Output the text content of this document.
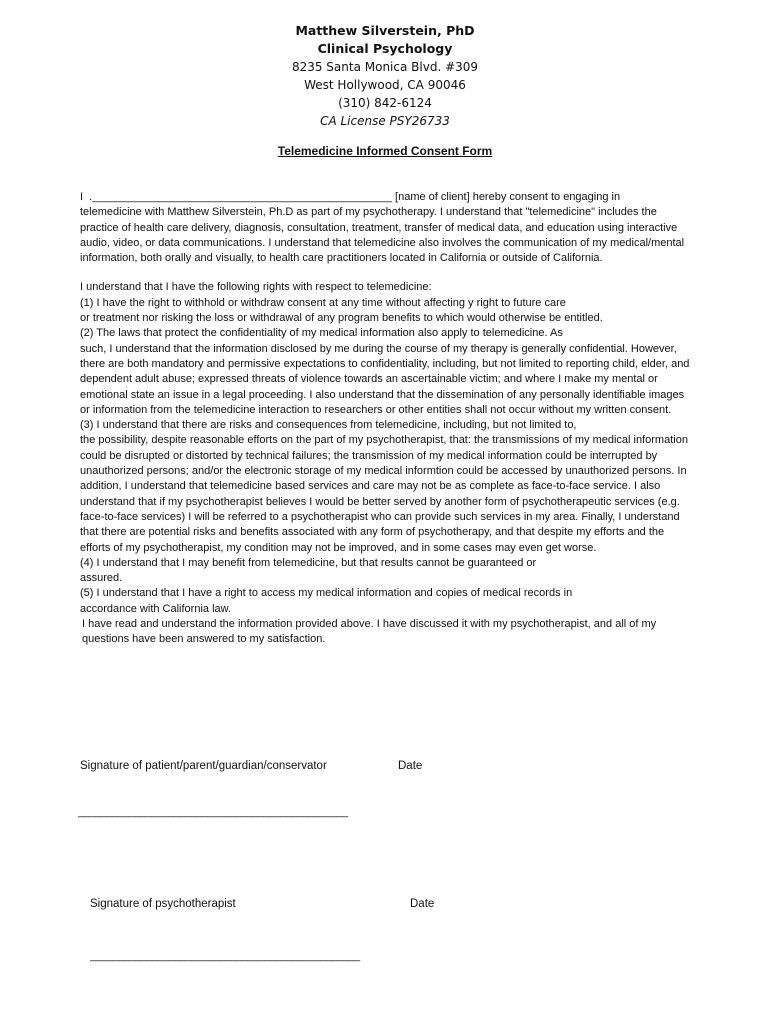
Matthew Silverstein, PhD
Clinical Psychology
8235 Santa Monica Blvd. #309
West Hollywood, CA 90046
(310) 842-6124
CA License PSY26733
Telemedicine Informed Consent Form

I  ._________________________________________________ [name of client] hereby consent to engaging in

telemedicine with Matthew Silverstein, Ph.D as part of my psychotherapy. I understand that "telemedicine" includes the practice of health care delivery, diagnosis, consultation, treatment, transfer of medical data, and education using interactive audio, video, or data communications. I understand that telemedicine also involves the communication of my medical/mental information, both orally and visually, to health care practitioners located in California or outside of California.

I understand that I have the following rights with respect to telemedicine:

(1) I have the right to withhold or withdraw consent at any time without affecting y right to future care

or treatment nor risking the loss or withdrawal of any program benefits to which would otherwise be entitled.

(2) The laws that protect the confidentiality of my medical information also apply to telemedicine. As

such, I understand that the information disclosed by me during the course of my therapy is generally confidential. However, there are both mandatory and permissive expectations to confidentiality, including, but not limited to reporting child, elder, and dependent adult abuse; expressed threats of violence towards an ascertainable victim; and where I make my mental or emotional state an issue in a legal proceeding. I also understand that the dissemination of any personally identifiable images or information from the telemedicine interaction to researchers or other entities shall not occur without my written consent.

(3) I understand that there are risks and consequences from telemedicine, including, but not limited to,

the possibility, despite reasonable efforts on the part of my psychotherapist, that: the transmissions of my medical information could be disrupted or distorted by technical failures; the transmission of my medical information could be interrupted by unauthorized persons; and/or the electronic storage of my medical informtion could be accessed by unauthorized persons. In addition, I understand that telemedicine based services and care may not be as complete as face-to-face service. I also understand that if my psychotherapist believes I would be better served by another form of psychotherapeutic services (e.g. face-to-face services) I will be referred to a psychotherapist who can provide such services in my area. Finally, I understand that there are potential risks and benefits associated with any form of psychotherapy, and that despite my efforts and the efforts of my psychotherapist, my condition may not be improved, and in some cases may even get worse.

(4) I understand that I may benefit from telemedicine, but that results cannot be guaranteed or

assured.

(5) I understand that I have a right to access my medical information and copies of medical records in

accordance with California law.

I have read and understand the information provided above. I have discussed it with my psychotherapist, and all of my questions have been answered to my satisfaction.

Signature of patient/parent/guardian/conservator	Date
________________________________________________
Signature of psychotherapist	Date
________________________________________________
